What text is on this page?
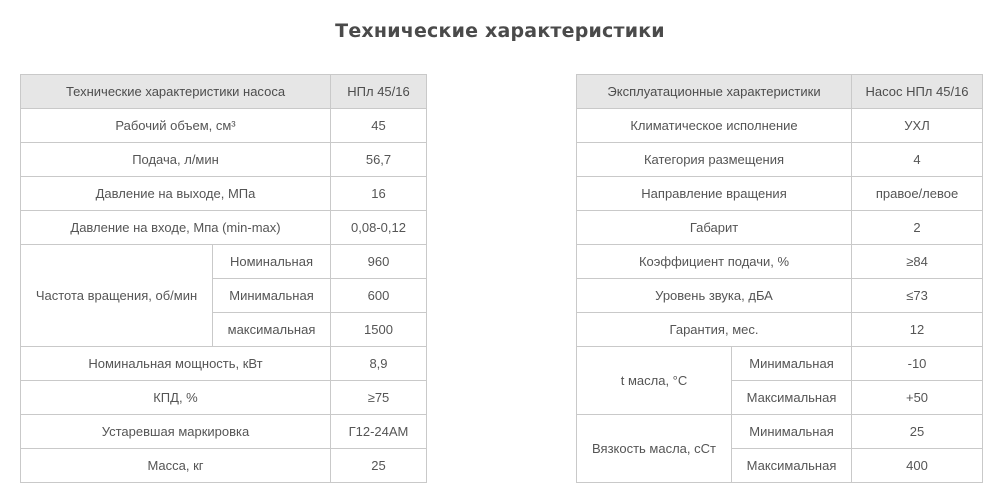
Технические характеристики
Технические характеристики насоса		НПл 45/16
Рабочий объем, см³		45
Подача, л/мин		56,7
Давление на выходе, МПа		16
Давление на входе, Мпа (min-max)		0,08-0,12
Частота вращения, об/мин	Номинальная	960
	Минимальная	600
	максимальная	1500
Номинальная мощность, кВт		8,9
КПД, %		≥75
Устаревшая маркировка		Г12-24АМ
Масса, кг		25
Эксплуатационные характеристики		Насос НПл 45/16
Климатическое исполнение		УХЛ
Категория размещения		4
Направление вращения		правое/левое
Габарит		2
Коэффициент подачи, %		≥84
Уровень звука, дБА		≤73
Гарантия, мес.		12
t масла, °С	Минимальная	-10
	Максимальная	+50
Вязкость масла, сСт	Минимальная	25
	Максимальная	400
